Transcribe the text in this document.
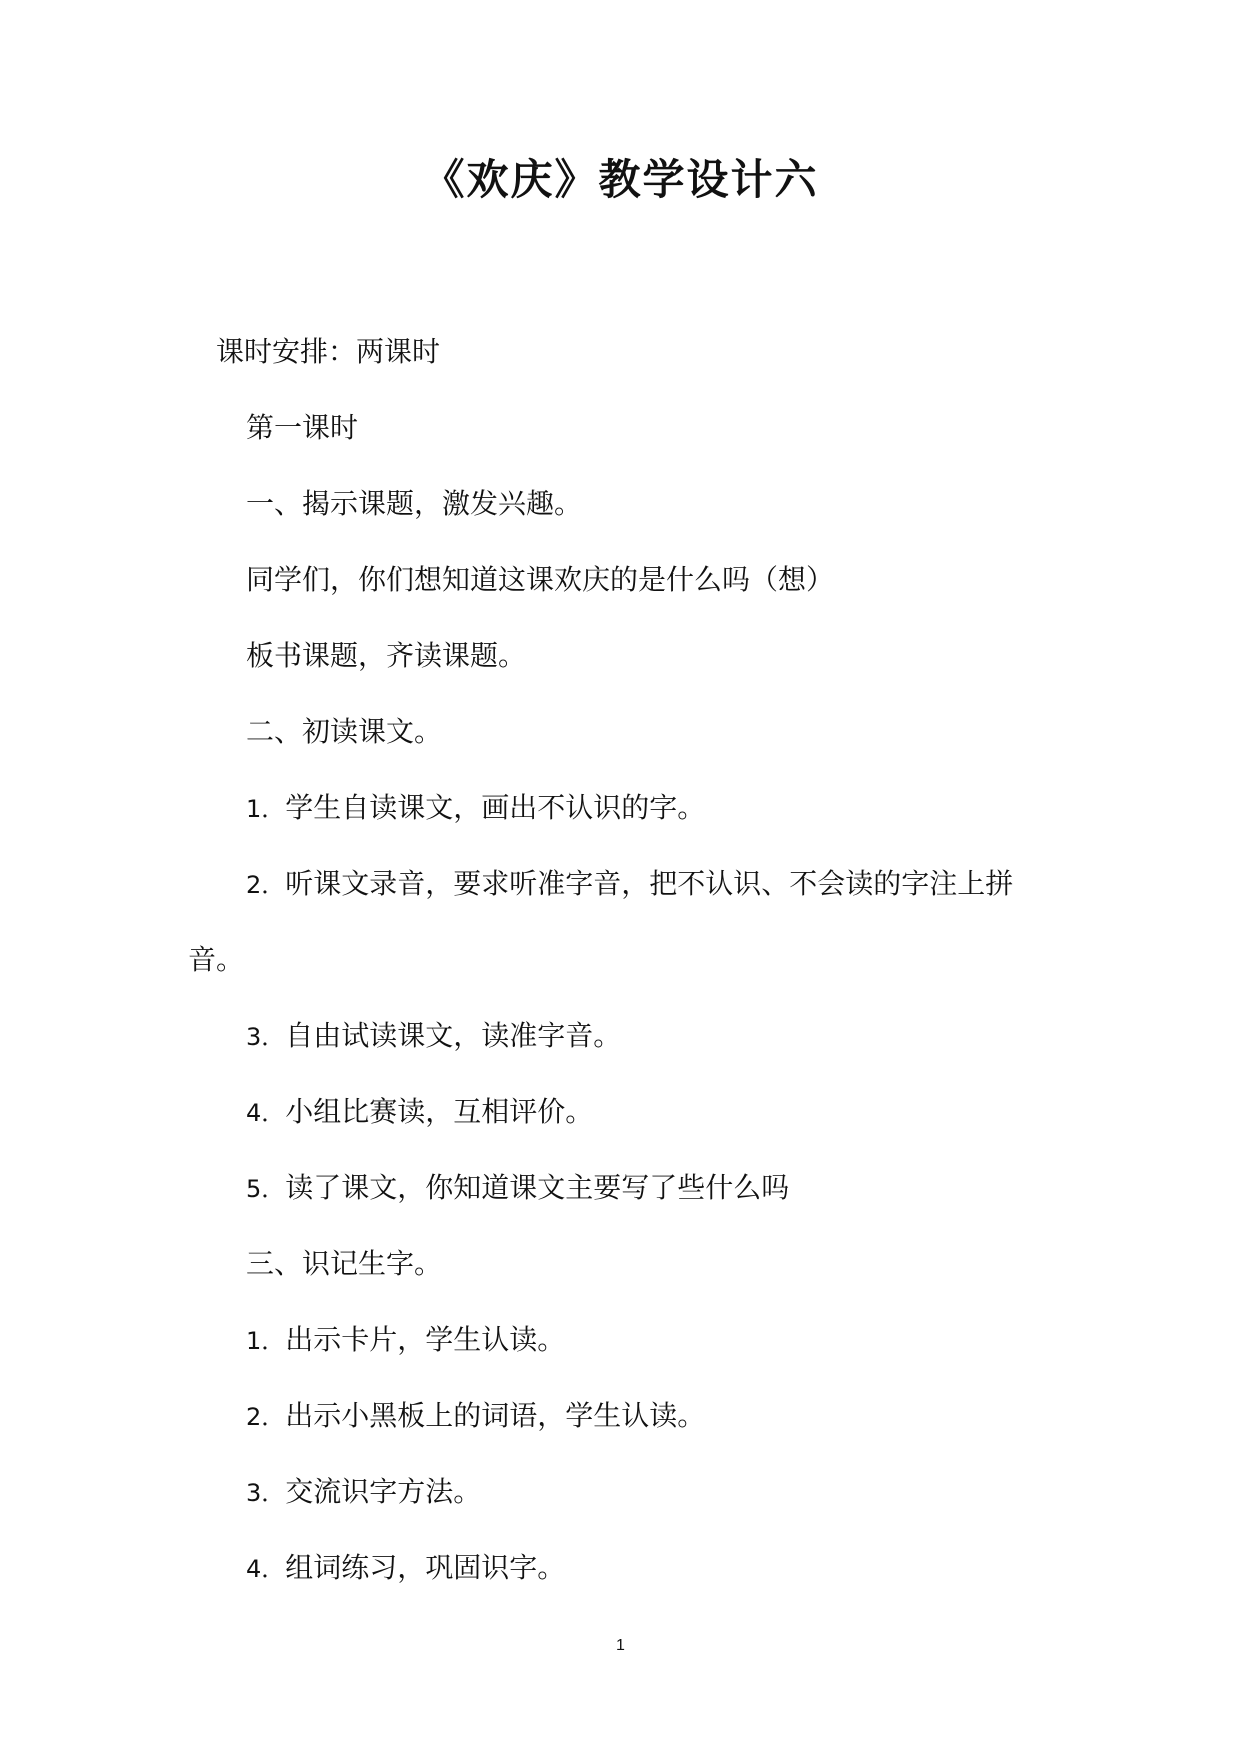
《欢庆》教学设计六
课时安排：两课时
第一课时
一、揭示课题，激发兴趣。
同学们，你们想知道这课欢庆的是什么吗（想）
板书课题，齐读课题。
二、初读课文。
1．学生自读课文，画出不认识的字。
2．听课文录音，要求听准字音，把不认识、不会读的字注上拼
音。
3．自由试读课文，读准字音。
4．小组比赛读，互相评价。
5．读了课文，你知道课文主要写了些什么吗
三、识记生字。
1．出示卡片，学生认读。
2．出示小黑板上的词语，学生认读。
3．交流识字方法。
4．组词练习，巩固识字。
1
